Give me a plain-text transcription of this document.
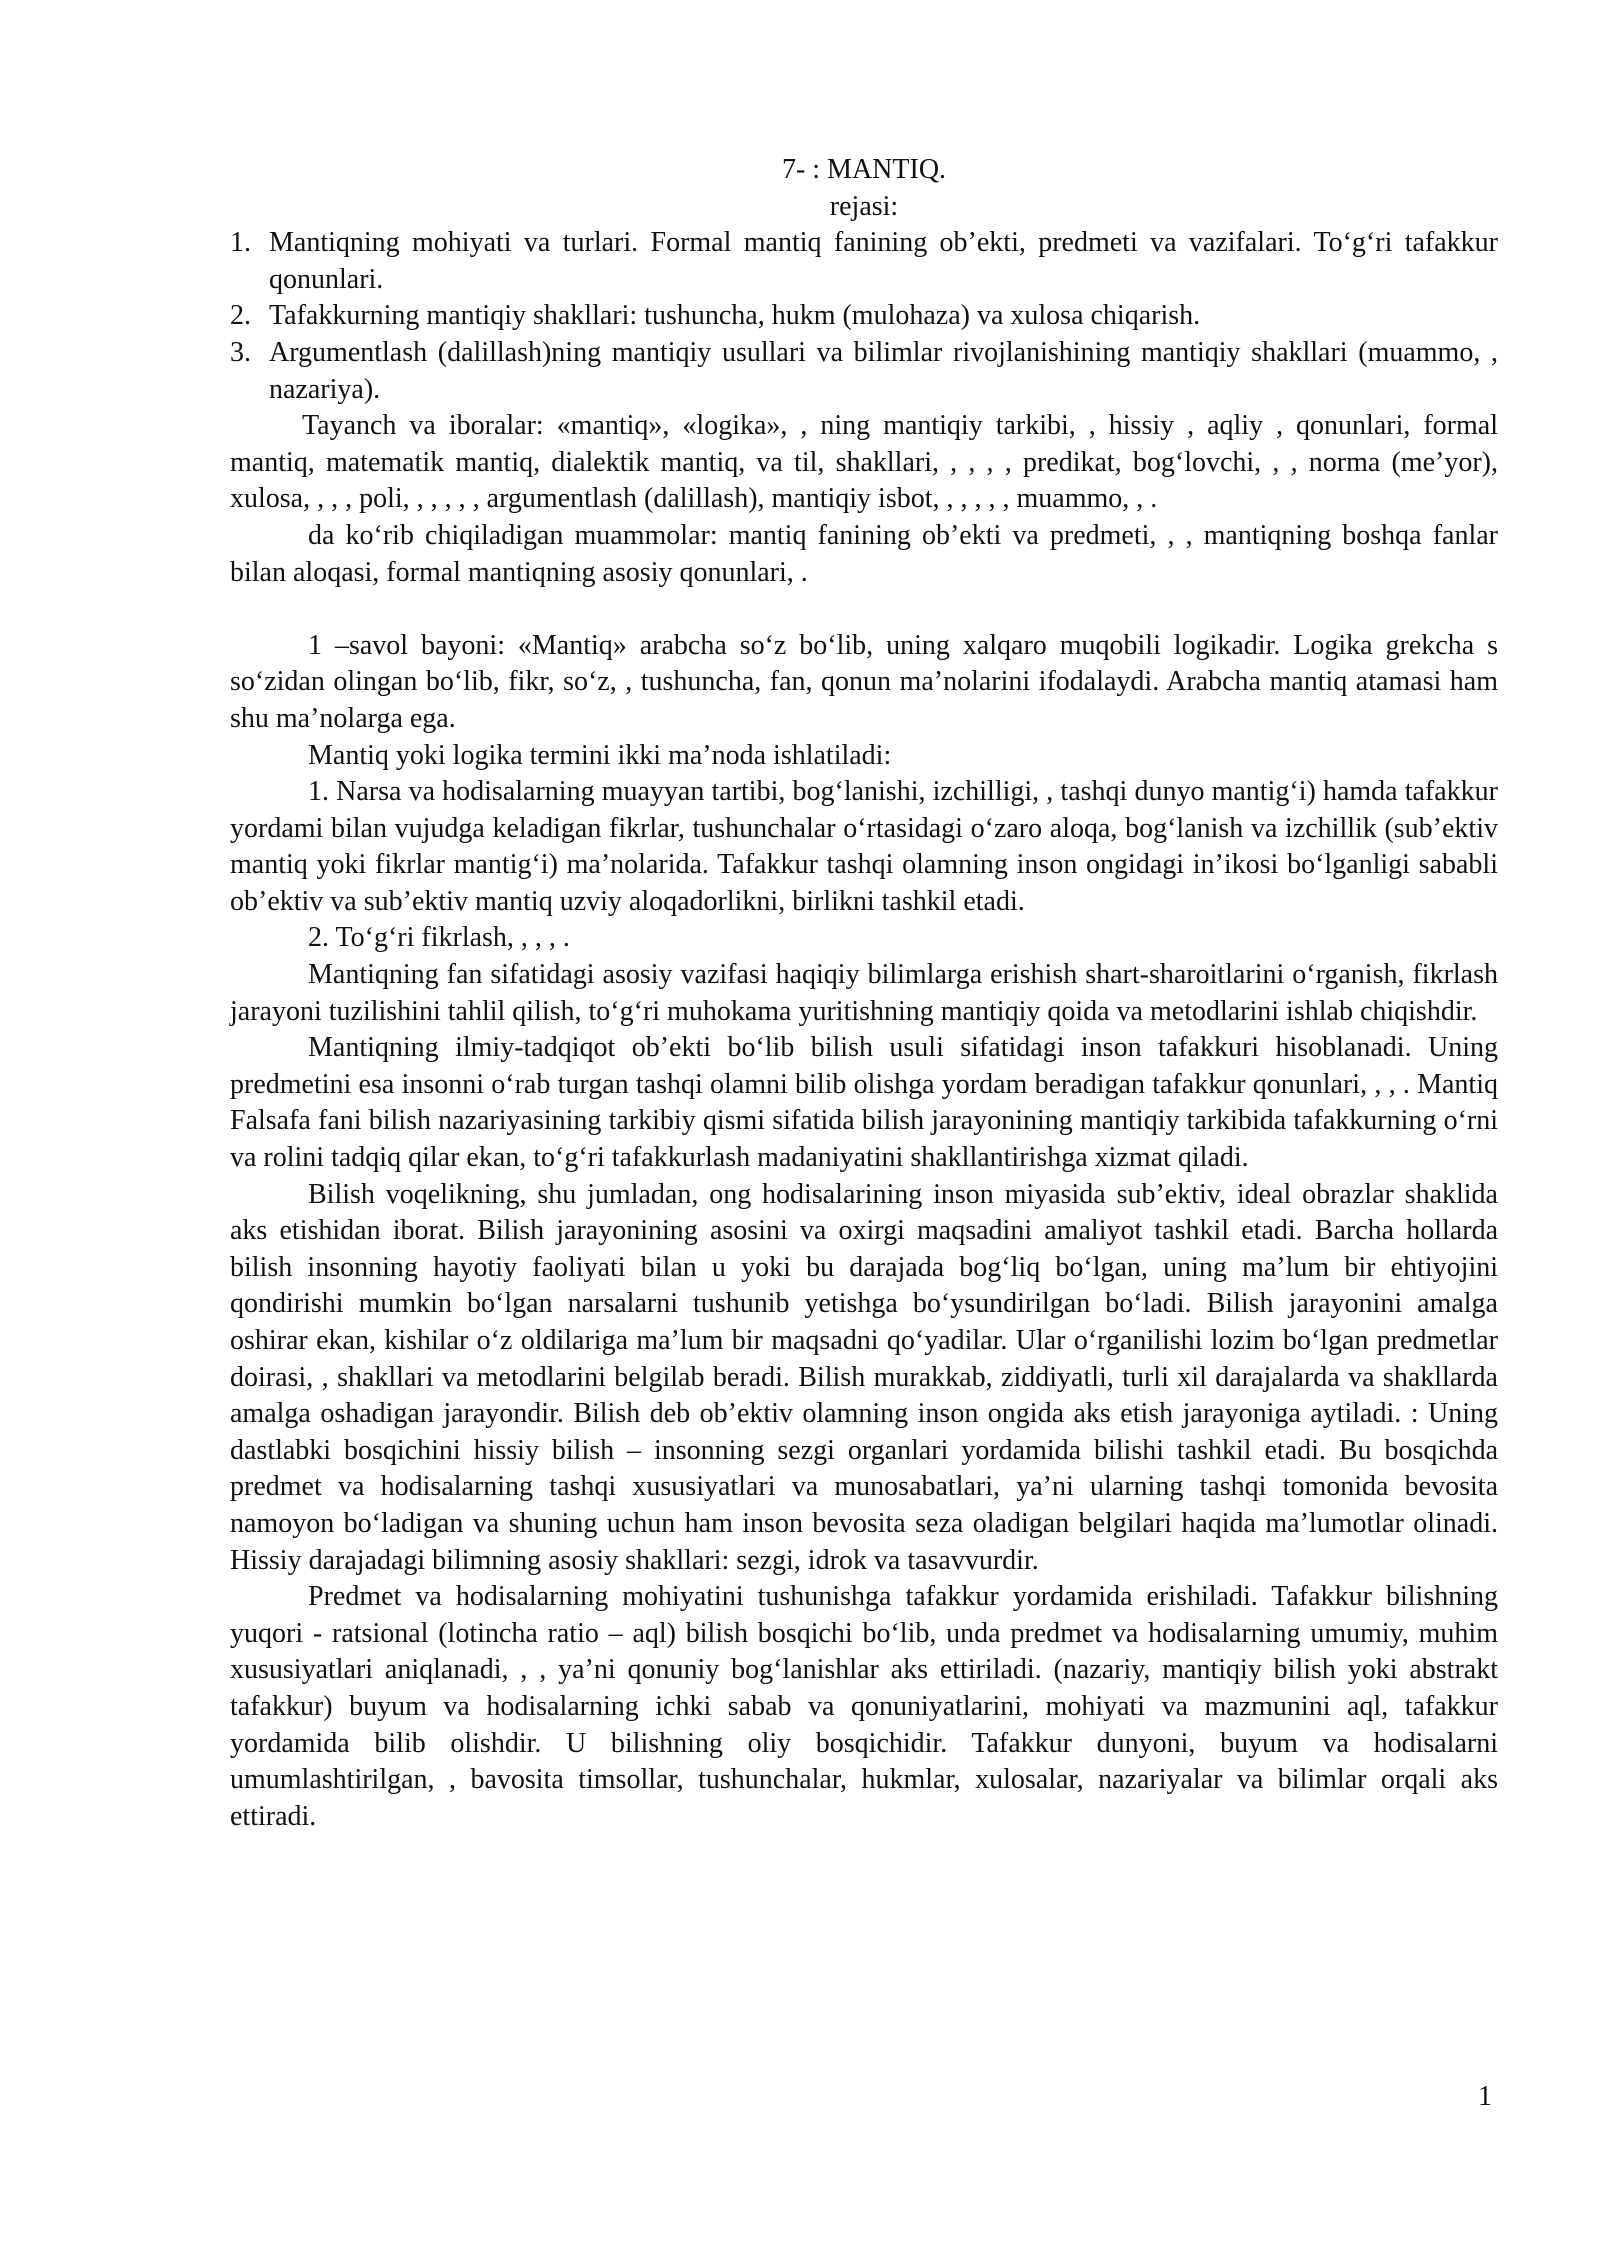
7- : MANTIQ.
rejasi:
1. Mantiqning mohiyati va turlari. Formal mantiq fanining ob’ekti, predmeti va vazifalari. To‘g‘ri tafakkur qonunlari.
2. Tafakkurning mantiqiy shakllari: tushuncha, hukm (mulohaza) va xulosa chiqarish.
3. Argumentlash (dalillash)ning mantiqiy usullari va bilimlar rivojlanishining mantiqiy shakllari (muammo, , nazariya).

Tayanch va iboralar: «mantiq», «logika», , ning mantiqiy tarkibi, , hissiy , aqliy , qonunlari, formal mantiq, matematik mantiq, dialektik mantiq, va til, shakllari, , , , , predikat, bog‘lovchi, , , norma (me’yor), xulosa, , , , poli, , , , , , argumentlash (dalillash), mantiqiy isbot, , , , , , muammo, , .

da ko‘rib chiqiladigan muammolar: mantiq fanining ob’ekti va predmeti, , , mantiqning boshqa fanlar bilan aloqasi, formal mantiqning asosiy qonunlari, .

1 –savol bayoni: «Mantiq» arabcha so‘z bo‘lib, uning xalqaro muqobili logikadir. Logika grekcha s so‘zidan olingan bo‘lib, fikr, so‘z, , tushuncha, fan, qonun ma’nolarini ifodalaydi. Arabcha mantiq atamasi ham shu ma’nolarga ega.

Mantiq yoki logika termini ikki ma’noda ishlatiladi:

1. Narsa va hodisalarning muayyan tartibi, bog‘lanishi, izchilligi, , tashqi dunyo mantig‘i) hamda tafakkur yordami bilan vujudga keladigan fikrlar, tushunchalar o‘rtasidagi o‘zaro aloqa, bog‘lanish va izchillik (sub’ektiv mantiq yoki fikrlar mantig‘i) ma’nolarida. Tafakkur tashqi olamning inson ongidagi in’ikosi bo‘lganligi sababli ob’ektiv va sub’ektiv mantiq uzviy aloqadorlikni, birlikni tashkil etadi.

2. To‘g‘ri fikrlash, , , , .

Mantiqning fan sifatidagi asosiy vazifasi haqiqiy bilimlarga erishish shart-sharoitlarini o‘rganish, fikrlash jarayoni tuzilishini tahlil qilish, to‘g‘ri muhokama yuritishning mantiqiy qoida va metodlarini ishlab chiqishdir.

Mantiqning ilmiy-tadqiqot ob’ekti bo‘lib bilish usuli sifatidagi inson tafakkuri hisoblanadi. Uning predmetini esa insonni o‘rab turgan tashqi olamni bilib olishga yordam beradigan tafakkur qonunlari, , , . Mantiq Falsafa fani bilish nazariyasining tarkibiy qismi sifatida bilish jarayonining mantiqiy tarkibida tafakkurning o‘rni va rolini tadqiq qilar ekan, to‘g‘ri tafakkurlash madaniyatini shakllantirishga xizmat qiladi.

Bilish voqelikning, shu jumladan, ong hodisalarining inson miyasida sub’ektiv, ideal obrazlar shaklida aks etishidan iborat. Bilish jarayonining asosini va oxirgi maqsadini amaliyot tashkil etadi. Barcha hollarda bilish insonning hayotiy faoliyati bilan u yoki bu darajada bog‘liq bo‘lgan, uning ma’lum bir ehtiyojini qondirishi mumkin bo‘lgan narsalarni tushunib yetishga bo‘ysundirilgan bo‘ladi. Bilish jarayonini amalga oshirar ekan, kishilar o‘z oldilariga ma’lum bir maqsadni qo‘yadilar. Ular o‘rganilishi lozim bo‘lgan predmetlar doirasi, , shakllari va metodlarini belgilab beradi. Bilish murakkab, ziddiyatli, turli xil darajalarda va shakllarda amalga oshadigan jarayondir. Bilish deb ob’ektiv olamning inson ongida aks etish jarayoniga aytiladi. : Uning dastlabki bosqichini hissiy bilish – insonning sezgi organlari yordamida bilishi tashkil etadi. Bu bosqichda predmet va hodisalarning tashqi xususiyatlari va munosabatlari, ya’ni ularning tashqi tomonida bevosita namoyon bo‘ladigan va shuning uchun ham inson bevosita seza oladigan belgilari haqida ma’lumotlar olinadi. Hissiy darajadagi bilimning asosiy shakllari: sezgi, idrok va tasavvurdir.

Predmet va hodisalarning mohiyatini tushunishga tafakkur yordamida erishiladi. Tafakkur bilishning yuqori - ratsional (lotincha ratio – aql) bilish bosqichi bo‘lib, unda predmet va hodisalarning umumiy, muhim xususiyatlari aniqlanadi, , , ya’ni qonuniy bog‘lanishlar aks ettiriladi. (nazariy, mantiqiy bilish yoki abstrakt tafakkur) buyum va hodisalarning ichki sabab va qonuniyatlarini, mohiyati va mazmunini aql, tafakkur yordamida bilib olishdir. U bilishning oliy bosqichidir. Tafakkur dunyoni, buyum va hodisalarni umumlashtirilgan, , bavosita timsollar, tushunchalar, hukmlar, xulosalar, nazariyalar va bilimlar orqali aks ettiradi.

1
